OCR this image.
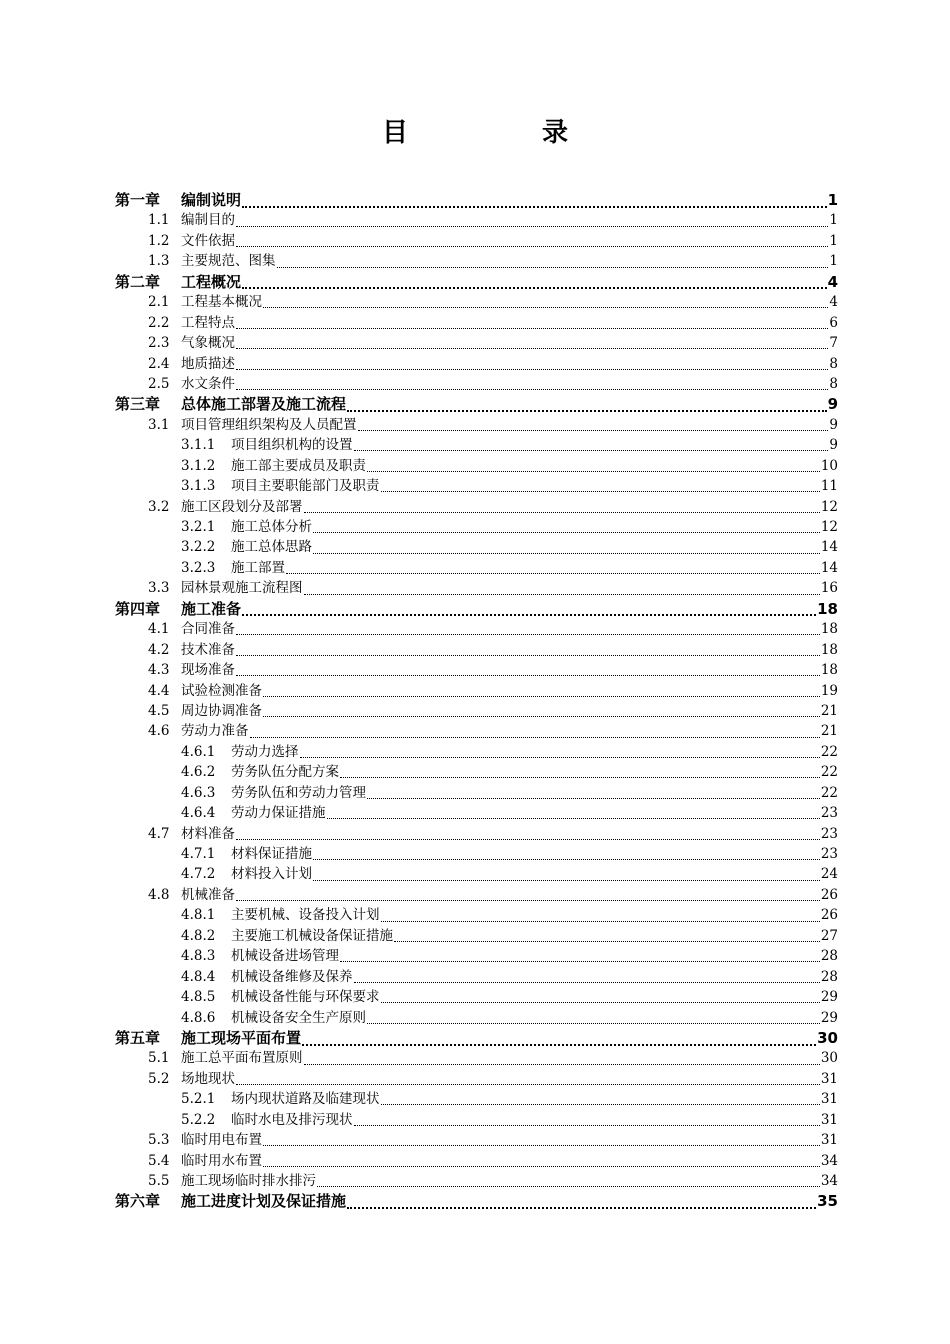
目　录
第一章	编制说明	1
1.1 编制目的	1
1.2 文件依据	1
1.3 主要规范、图集	1
第二章	工程概况	4
2.1 工程基本概况	4
2.2 工程特点	6
2.3 气象概况	7
2.4 地质描述	8
2.5 水文条件	8
第三章	总体施工部署及施工流程	9
3.1 项目管理组织架构及人员配置	9
3.1.1	项目组织机构的设置	9
3.1.2	施工部主要成员及职责	10
3.1.3	项目主要职能部门及职责	11
3.2 施工区段划分及部署	12
3.2.1	施工总体分析	12
3.2.2	施工总体思路	14
3.2.3	施工部置	14
3.3 园林景观施工流程图	16
第四章	施工准备	18
4.1 合同准备	18
4.2 技术准备	18
4.3 现场准备	18
4.4 试验检测准备	19
4.5 周边协调准备	21
4.6 劳动力准备	21
4.6.1	劳动力选择	22
4.6.2	劳务队伍分配方案	22
4.6.3	劳务队伍和劳动力管理	22
4.6.4	劳动力保证措施	23
4.7 材料准备	23
4.7.1	材料保证措施	23
4.7.2	材料投入计划	24
4.8 机械准备	26
4.8.1	主要机械、设备投入计划	26
4.8.2	主要施工机械设备保证措施	27
4.8.3	机械设备进场管理	28
4.8.4	机械设备维修及保养	28
4.8.5	机械设备性能与环保要求	29
4.8.6	机械设备安全生产原则	29
第五章	施工现场平面布置	30
5.1 施工总平面布置原则	30
5.2 场地现状	31
5.2.1	场内现状道路及临建现状	31
5.2.2	临时水电及排污现状	31
5.3 临时用电布置	31
5.4 临时用水布置	34
5.5 施工现场临时排水排污	34
第六章	施工进度计划及保证措施	35
